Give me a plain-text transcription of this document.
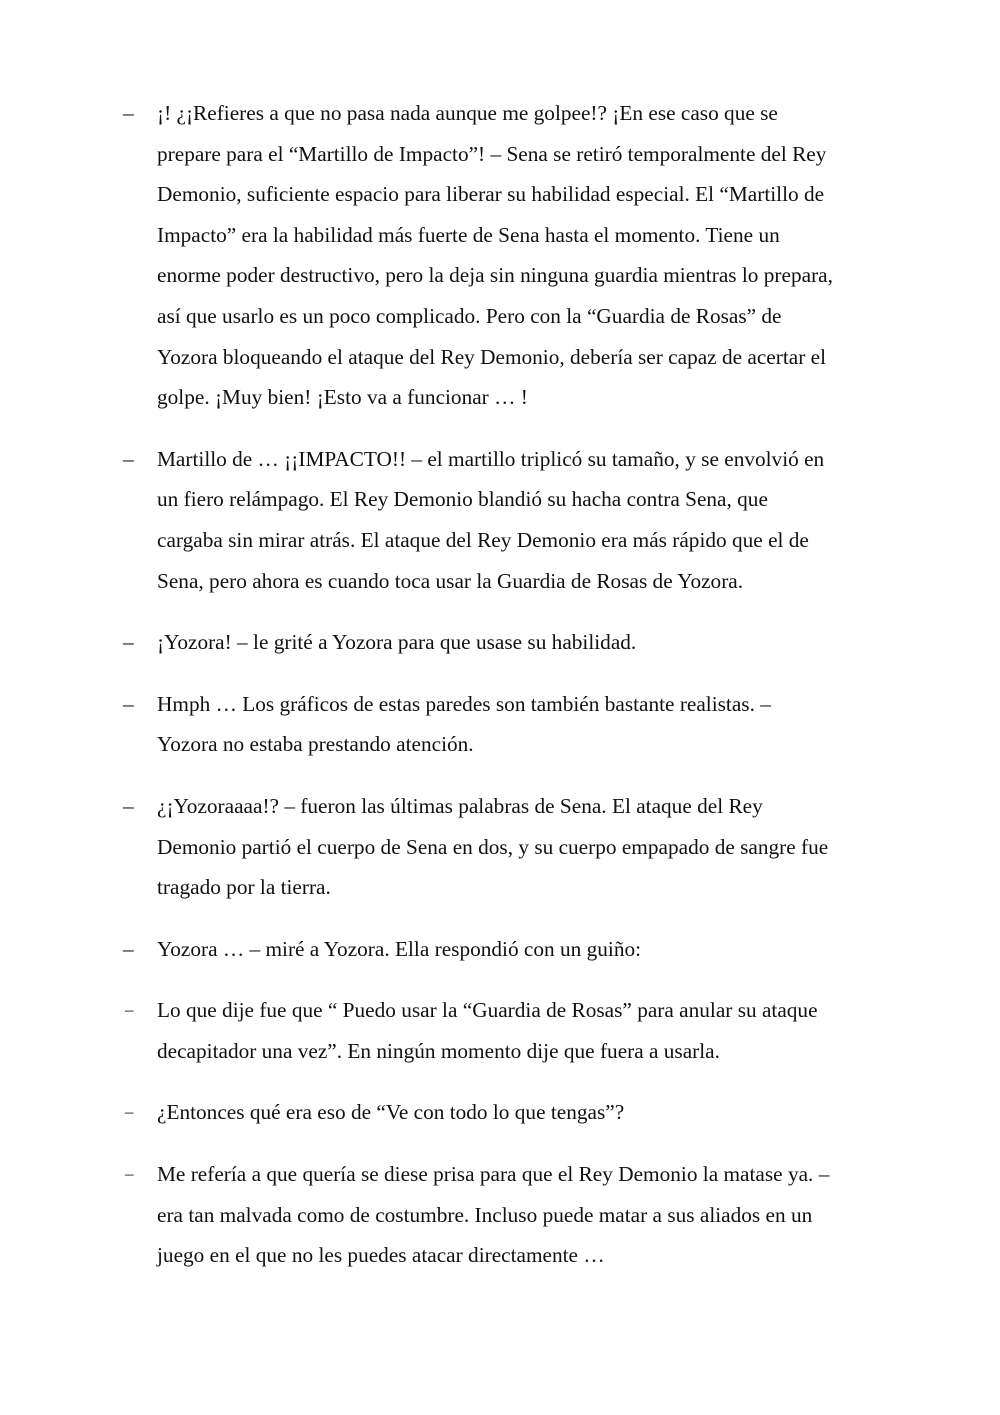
– ¡! ¿¡Refieres a que no pasa nada aunque me golpee!? ¡En ese caso que se
prepare para el “Martillo de Impacto”! – Sena se retiró temporalmente del Rey
Demonio, suficiente espacio para liberar su habilidad especial. El “Martillo de
Impacto” era la habilidad más fuerte de Sena hasta el momento. Tiene un
enorme poder destructivo, pero la deja sin ninguna guardia mientras lo prepara,
así que usarlo es un poco complicado. Pero con la “Guardia de Rosas” de
Yozora bloqueando el ataque del Rey Demonio, debería ser capaz de acertar el
golpe. ¡Muy bien! ¡Esto va a funcionar … !
– Martillo de … ¡¡IMPACTO!! – el martillo triplicó su tamaño, y se envolvió en
un fiero relámpago. El Rey Demonio blandió su hacha contra Sena, que
cargaba sin mirar atrás. El ataque del Rey Demonio era más rápido que el de
Sena, pero ahora es cuando toca usar la Guardia de Rosas de Yozora.
– ¡Yozora! – le grité a Yozora para que usase su habilidad.
– Hmph … Los gráficos de estas paredes son también bastante realistas. –
Yozora no estaba prestando atención.
– ¿¡Yozoraaaa!? – fueron las últimas palabras de Sena. El ataque del Rey
Demonio partió el cuerpo de Sena en dos, y su cuerpo empapado de sangre fue
tragado por la tierra.
– Yozora … – miré a Yozora. Ella respondió con un guiño:
– Lo que dije fue que “ Puedo usar la “Guardia de Rosas” para anular su ataque
decapitador una vez”. En ningún momento dije que fuera a usarla.
– ¿Entonces qué era eso de “Ve con todo lo que tengas”?
– Me refería a que quería se diese prisa para que el Rey Demonio la matase ya. –
era tan malvada como de costumbre. Incluso puede matar a sus aliados en un
juego en el que no les puedes atacar directamente …
